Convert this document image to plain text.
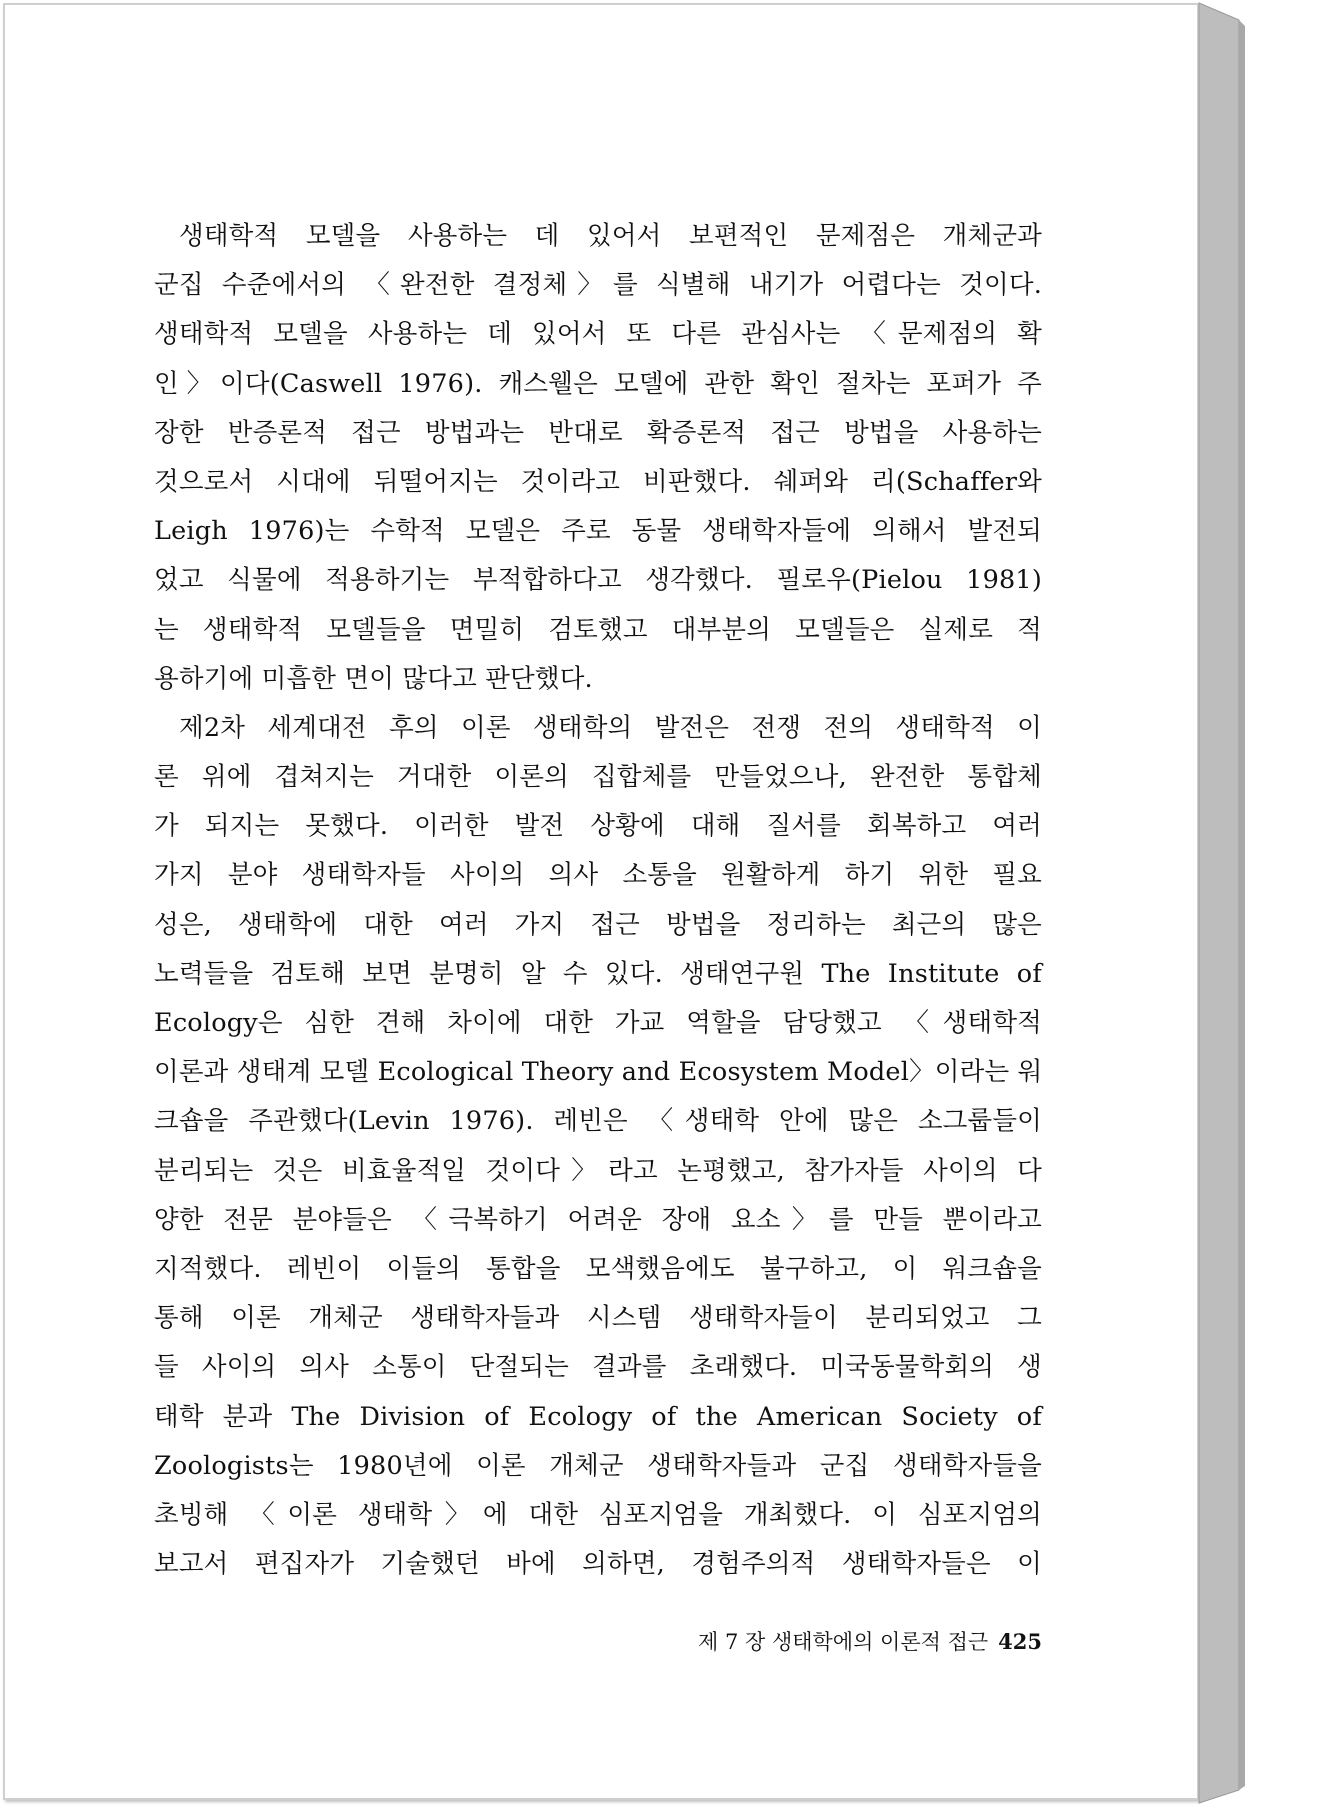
생태학적 모델을 사용하는 데 있어서 보편적인 문제점은 개체군과
군집 수준에서의 〈완전한 결정체〉를 식별해 내기가 어렵다는 것이다.
생태학적 모델을 사용하는 데 있어서 또 다른 관심사는 〈문제점의 확
인〉이다(Caswell 1976). 캐스웰은 모델에 관한 확인 절차는 포퍼가 주
장한 반증론적 접근 방법과는 반대로 확증론적 접근 방법을 사용하는
것으로서 시대에 뒤떨어지는 것이라고 비판했다. 쉐퍼와 리(Schaffer와
Leigh 1976)는 수학적 모델은 주로 동물 생태학자들에 의해서 발전되
었고 식물에 적용하기는 부적합하다고 생각했다. 필로우(Pielou 1981)
는 생태학적 모델들을 면밀히 검토했고 대부분의 모델들은 실제로 적
용하기에 미흡한 면이 많다고 판단했다.
제2차 세계대전 후의 이론 생태학의 발전은 전쟁 전의 생태학적 이
론 위에 겹쳐지는 거대한 이론의 집합체를 만들었으나, 완전한 통합체
가 되지는 못했다. 이러한 발전 상황에 대해 질서를 회복하고 여러
가지 분야 생태학자들 사이의 의사 소통을 원활하게 하기 위한 필요
성은, 생태학에 대한 여러 가지 접근 방법을 정리하는 최근의 많은
노력들을 검토해 보면 분명히 알 수 있다. 생태연구원 The Institute of
Ecology은 심한 견해 차이에 대한 가교 역할을 담당했고 〈생태학적
이론과 생태계 모델 Ecological Theory and Ecosystem Model〉이라는 워
크숍을 주관했다(Levin 1976). 레빈은 〈생태학 안에 많은 소그룹들이
분리되는 것은 비효율적일 것이다〉라고 논평했고, 참가자들 사이의 다
양한 전문 분야들은 〈극복하기 어려운 장애 요소〉를 만들 뿐이라고
지적했다. 레빈이 이들의 통합을 모색했음에도 불구하고, 이 워크숍을
통해 이론 개체군 생태학자들과 시스템 생태학자들이 분리되었고 그
들 사이의 의사 소통이 단절되는 결과를 초래했다. 미국동물학회의 생
태학 분과 The Division of Ecology of the American Society of
Zoologists는 1980년에 이론 개체군 생태학자들과 군집 생태학자들을
초빙해 〈이론 생태학〉에 대한 심포지엄을 개최했다. 이 심포지엄의
보고서 편집자가 기술했던 바에 의하면, 경험주의적 생태학자들은 이
제 7 장 생태학에의 이론적 접근 425
